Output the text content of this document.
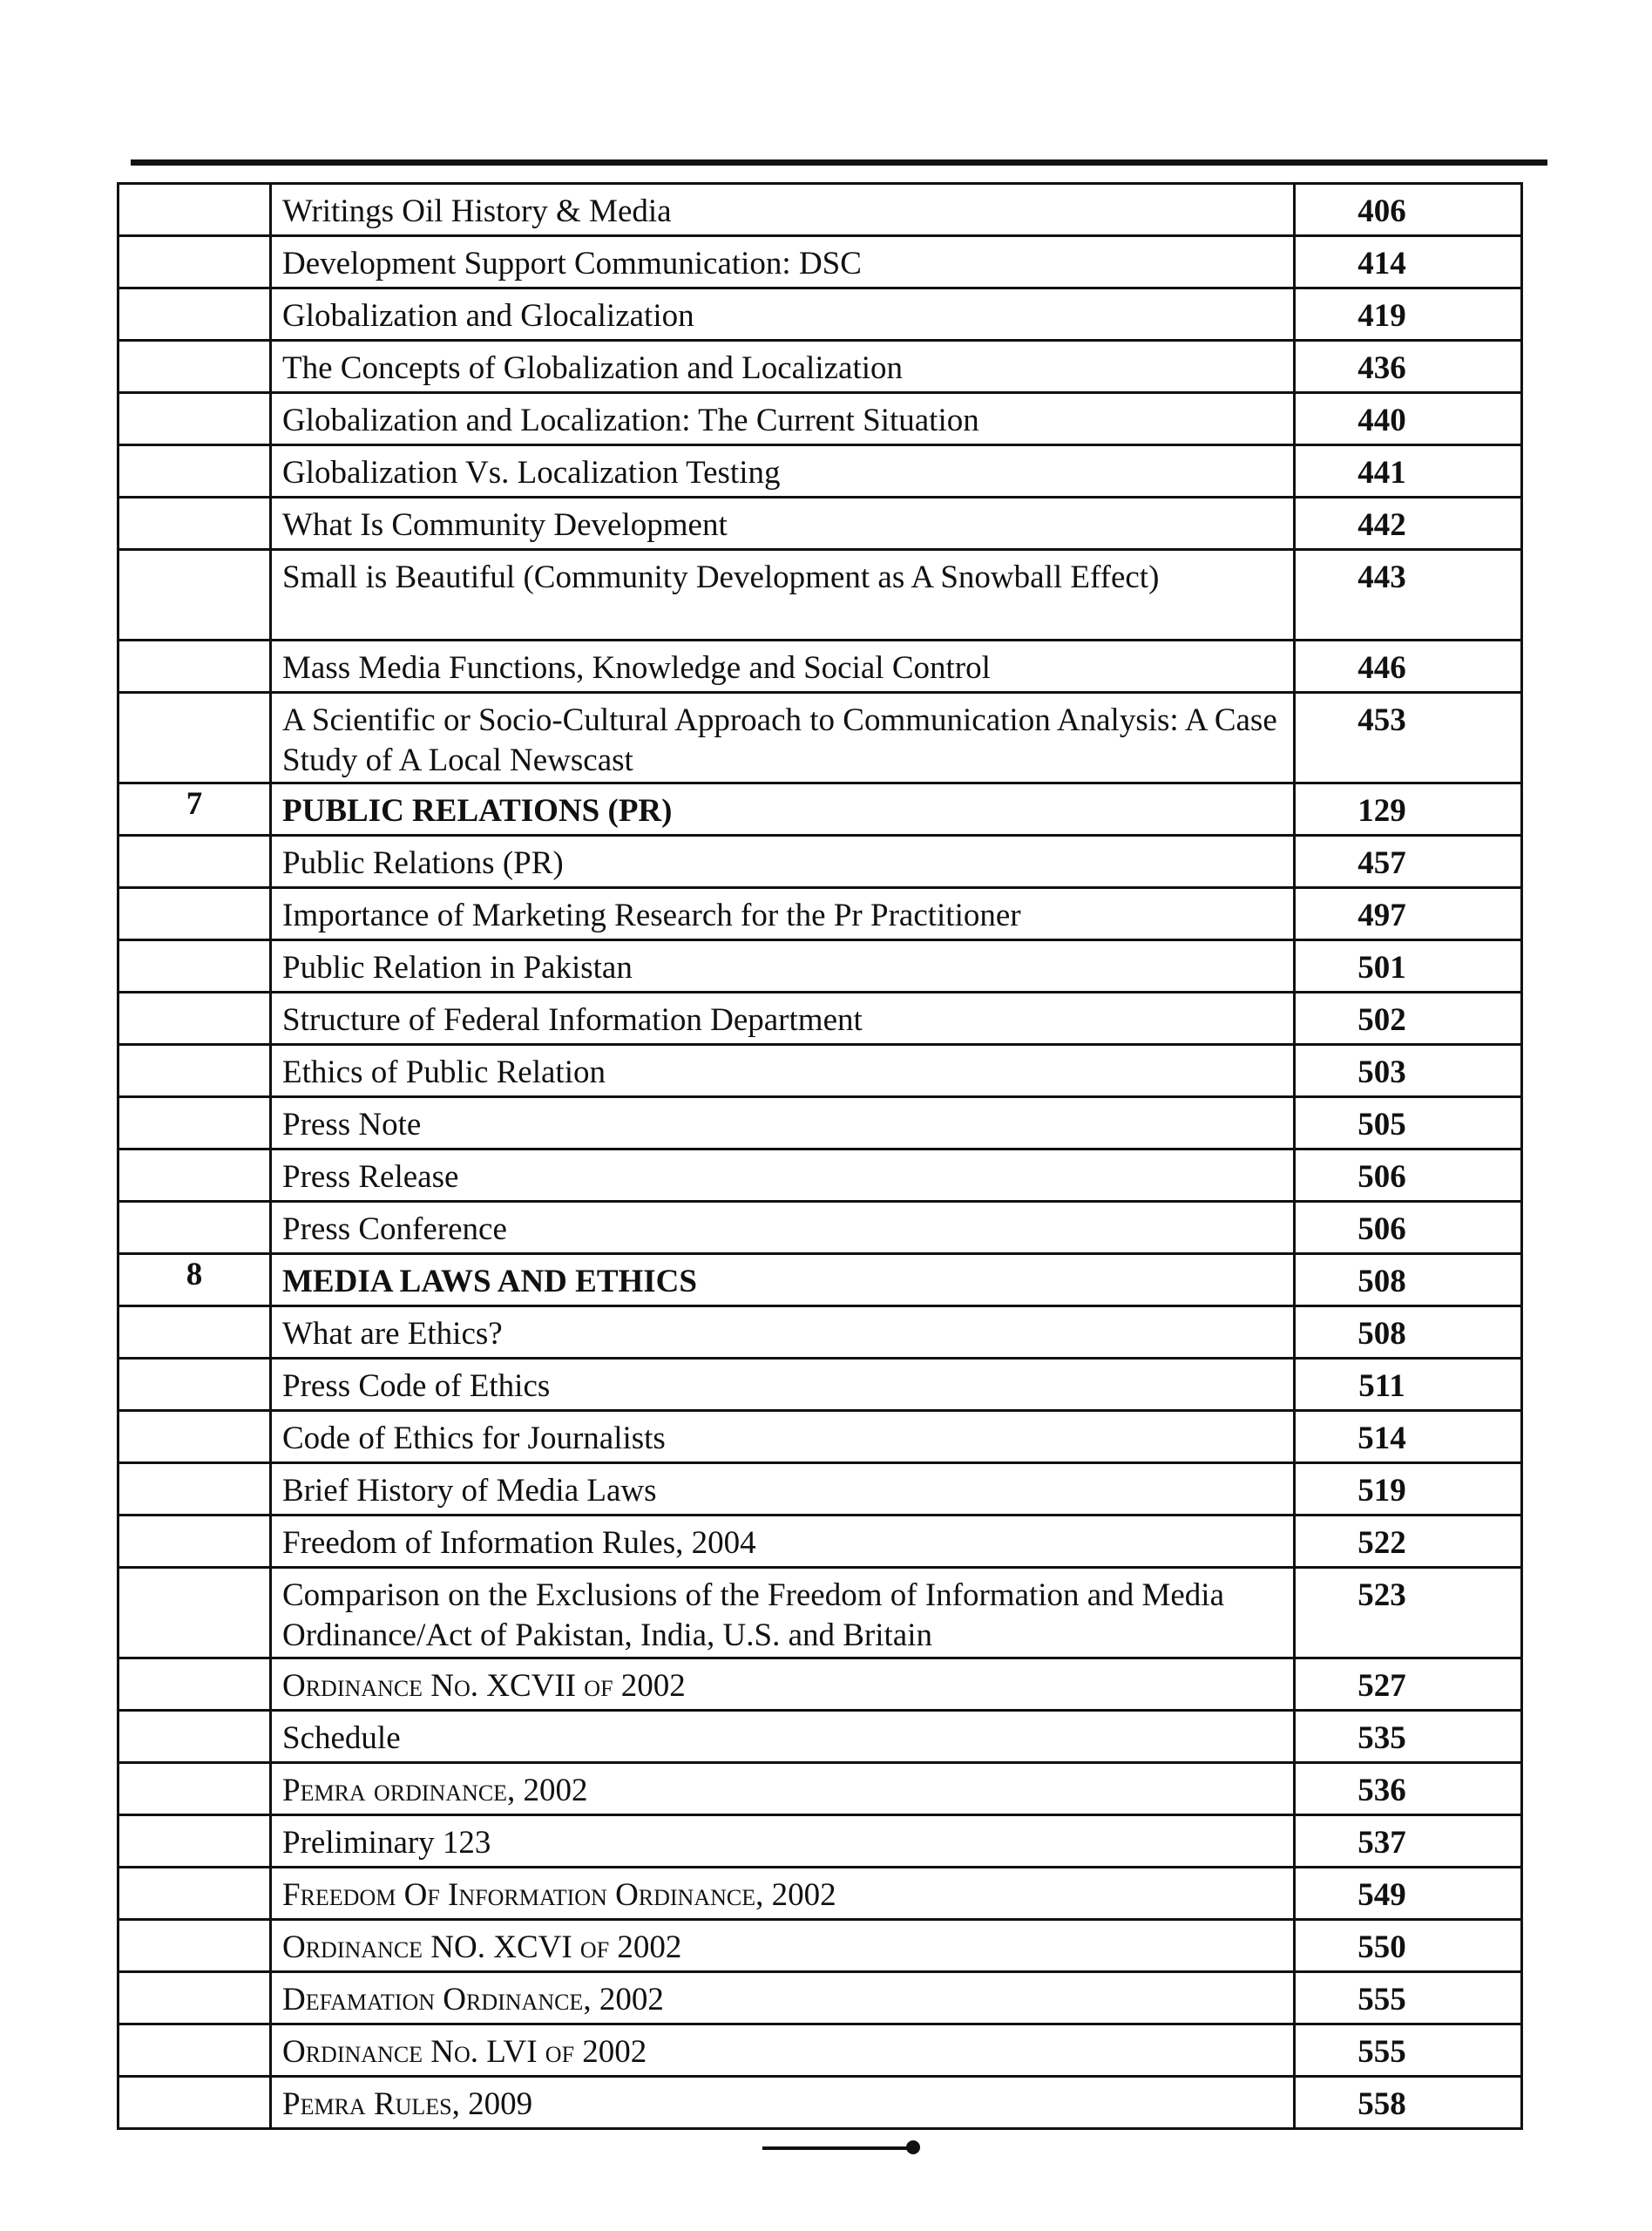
	Writings Oil History & Media	406

	Development Support Communication: DSC	414

	Globalization and Glocalization	419

	The Concepts of Globalization and Localization	436

	Globalization and Localization: The Current Situation	440

	Globalization Vs. Localization Testing	441

	What Is Community Development	442

	Small is Beautiful (Community Development as A Snowball Effect)	443

	Mass Media Functions, Knowledge and Social Control	446

	A Scientific or Socio-Cultural Approach to Communication Analysis: A Case Study of A Local Newscast	453

7	PUBLIC RELATIONS (PR)	129

	Public Relations (PR)	457

	Importance of Marketing Research for the Pr Practitioner	497

	Public Relation in Pakistan	501

	Structure of Federal Information Department	502

	Ethics of Public Relation	503

	Press Note	505

	Press Release	506

	Press Conference	506

8	MEDIA LAWS AND ETHICS	508

	What are Ethics?	508

	Press Code of Ethics	511

	Code of Ethics for Journalists	514

	Brief History of Media Laws	519

	Freedom of Information Rules, 2004	522

	Comparison on the Exclusions of the Freedom of Information and Media Ordinance/Act of Pakistan, India, U.S. and Britain	523

	Ordinance No. XCVII of 2002	527

	Schedule	535

	Pemra ordinance, 2002	536

	Preliminary 123	537

	Freedom Of Information Ordinance, 2002	549

	Ordinance NO. XCVI of 2002	550

	Defamation Ordinance, 2002	555

	Ordinance No. LVI of 2002	555

	Pemra Rules, 2009	558
